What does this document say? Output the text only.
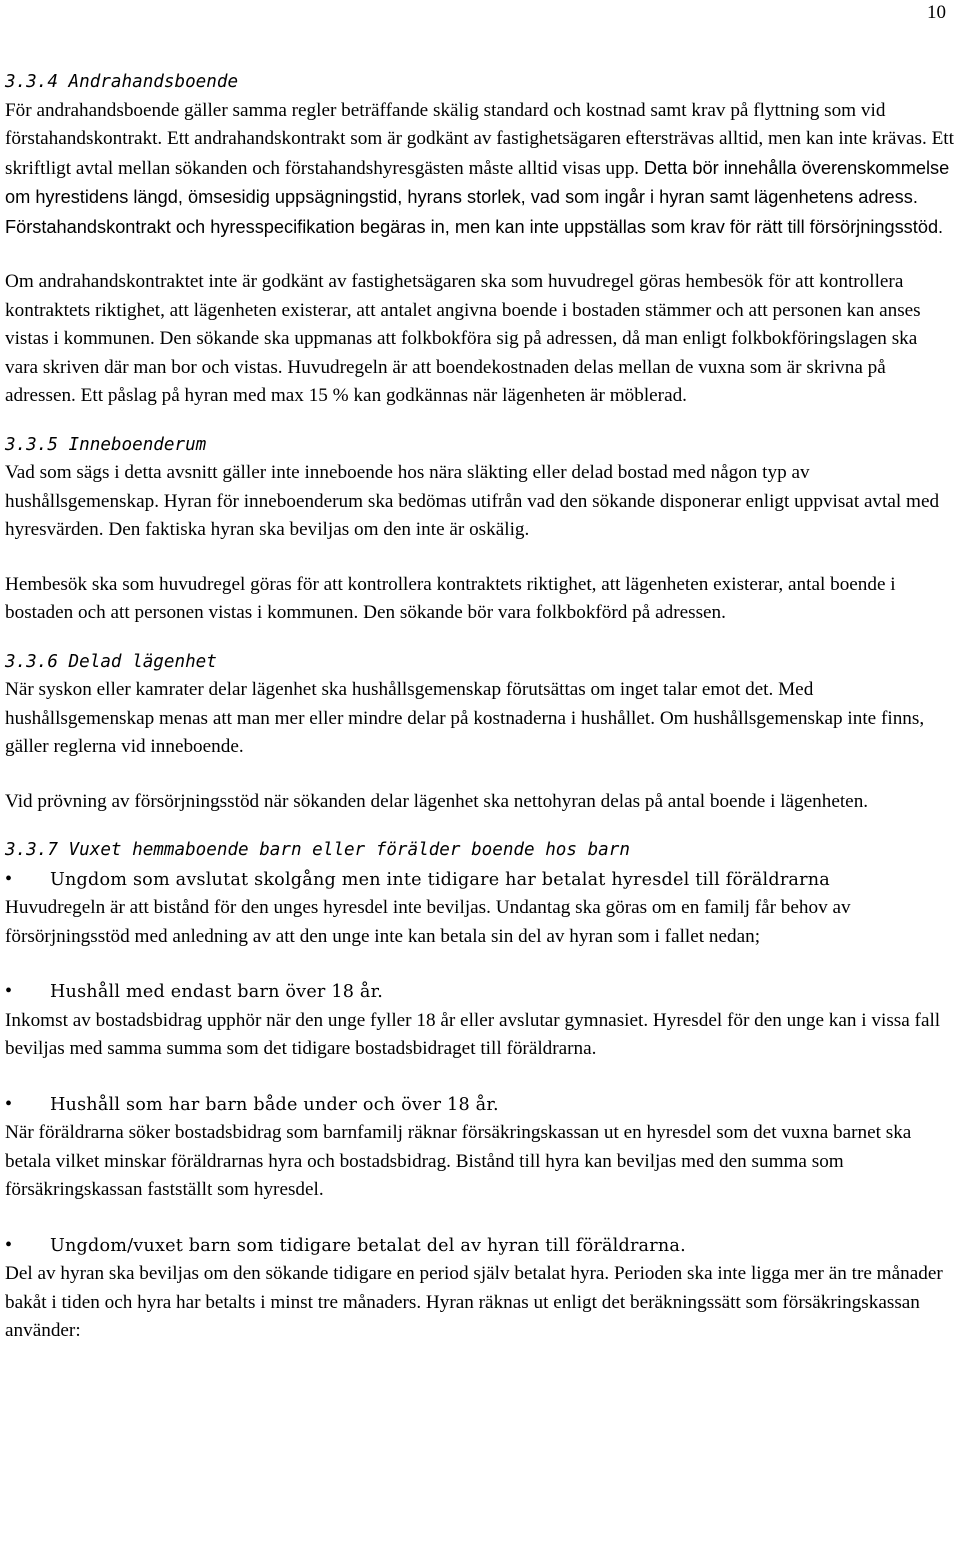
10
3.3.4 Andrahandsboende

För andrahandsboende gäller samma regler beträffande skälig standard och kostnad samt krav på flyttning som vid förstahandskontrakt. Ett andrahandskontrakt som är godkänt av fastighetsägaren eftersträvas alltid, men kan inte krävas. Ett skriftligt avtal mellan sökanden och förstahandshyresgästen måste alltid visas upp. Detta bör innehålla överenskommelse om hyrestidens längd, ömsesidig uppsägningstid, hyrans storlek, vad som ingår i hyran samt lägenhetens adress. Förstahandskontrakt och hyresspecifikation begäras in, men kan inte uppställas som krav för rätt till försörjningsstöd.

Om andrahandskontraktet inte är godkänt av fastighetsägaren ska som huvudregel göras hembesök för att kontrollera kontraktets riktighet, att lägenheten existerar, att antalet angivna boende i bostaden stämmer och att personen kan anses vistas i kommunen. Den sökande ska uppmanas att folkbokföra sig på adressen, då man enligt folkbokföringslagen ska vara skriven där man bor och vistas. Huvudregeln är att boendekostnaden delas mellan de vuxna som är skrivna på adressen. Ett påslag på hyran med max 15 % kan godkännas när lägenheten är möblerad.

3.3.5 Inneboenderum

Vad som sägs i detta avsnitt gäller inte inneboende hos nära släkting eller delad bostad med någon typ av hushållsgemenskap. Hyran för inneboenderum ska bedömas utifrån vad den sökande disponerar enligt uppvisat avtal med hyresvärden. Den faktiska hyran ska beviljas om den inte är oskälig.

Hembesök ska som huvudregel göras för att kontrollera kontraktets riktighet, att lägenheten existerar, antal boende i bostaden och att personen vistas i kommunen. Den sökande bör vara folkbokförd på adressen.

3.3.6 Delad lägenhet

När syskon eller kamrater delar lägenhet ska hushållsgemenskap förutsättas om inget talar emot det. Med hushållsgemenskap menas att man mer eller mindre delar på kostnaderna i hushållet. Om hushållsgemenskap inte finns, gäller reglerna vid inneboende.

Vid prövning av försörjningsstöd när sökanden delar lägenhet ska nettohyran delas på antal boende i lägenheten.

3.3.7 Vuxet hemmaboende barn eller förälder boende hos barn
•	Ungdom som avslutat skolgång men inte tidigare har betalat hyresdel till föräldrarna

Huvudregeln är att bistånd för den unges hyresdel inte beviljas. Undantag ska göras om en familj får behov av försörjningsstöd med anledning av att den unge inte kan betala sin del av hyran som i fallet nedan;

•	Hushåll med endast barn över 18 år.

Inkomst av bostadsbidrag upphör när den unge fyller 18 år eller avslutar gymnasiet. Hyresdel för den unge kan i vissa fall beviljas med samma summa som det tidigare bostadsbidraget till föräldrarna.

•	Hushåll som har barn både under och över 18 år.

När föräldrarna söker bostadsbidrag som barnfamilj räknar försäkringskassan ut en hyresdel som det vuxna barnet ska betala vilket minskar föräldrarnas hyra och bostadsbidrag. Bistånd till hyra kan beviljas med den summa som försäkringskassan fastställt som hyresdel.

•	Ungdom/vuxet barn som tidigare betalat del av hyran till föräldrarna.

Del av hyran ska beviljas om den sökande tidigare en period själv betalat hyra. Perioden ska inte ligga mer än tre månader bakåt i tiden och hyra har betalts i minst tre månaders. Hyran räknas ut enligt det beräkningssätt som försäkringskassan använder:
